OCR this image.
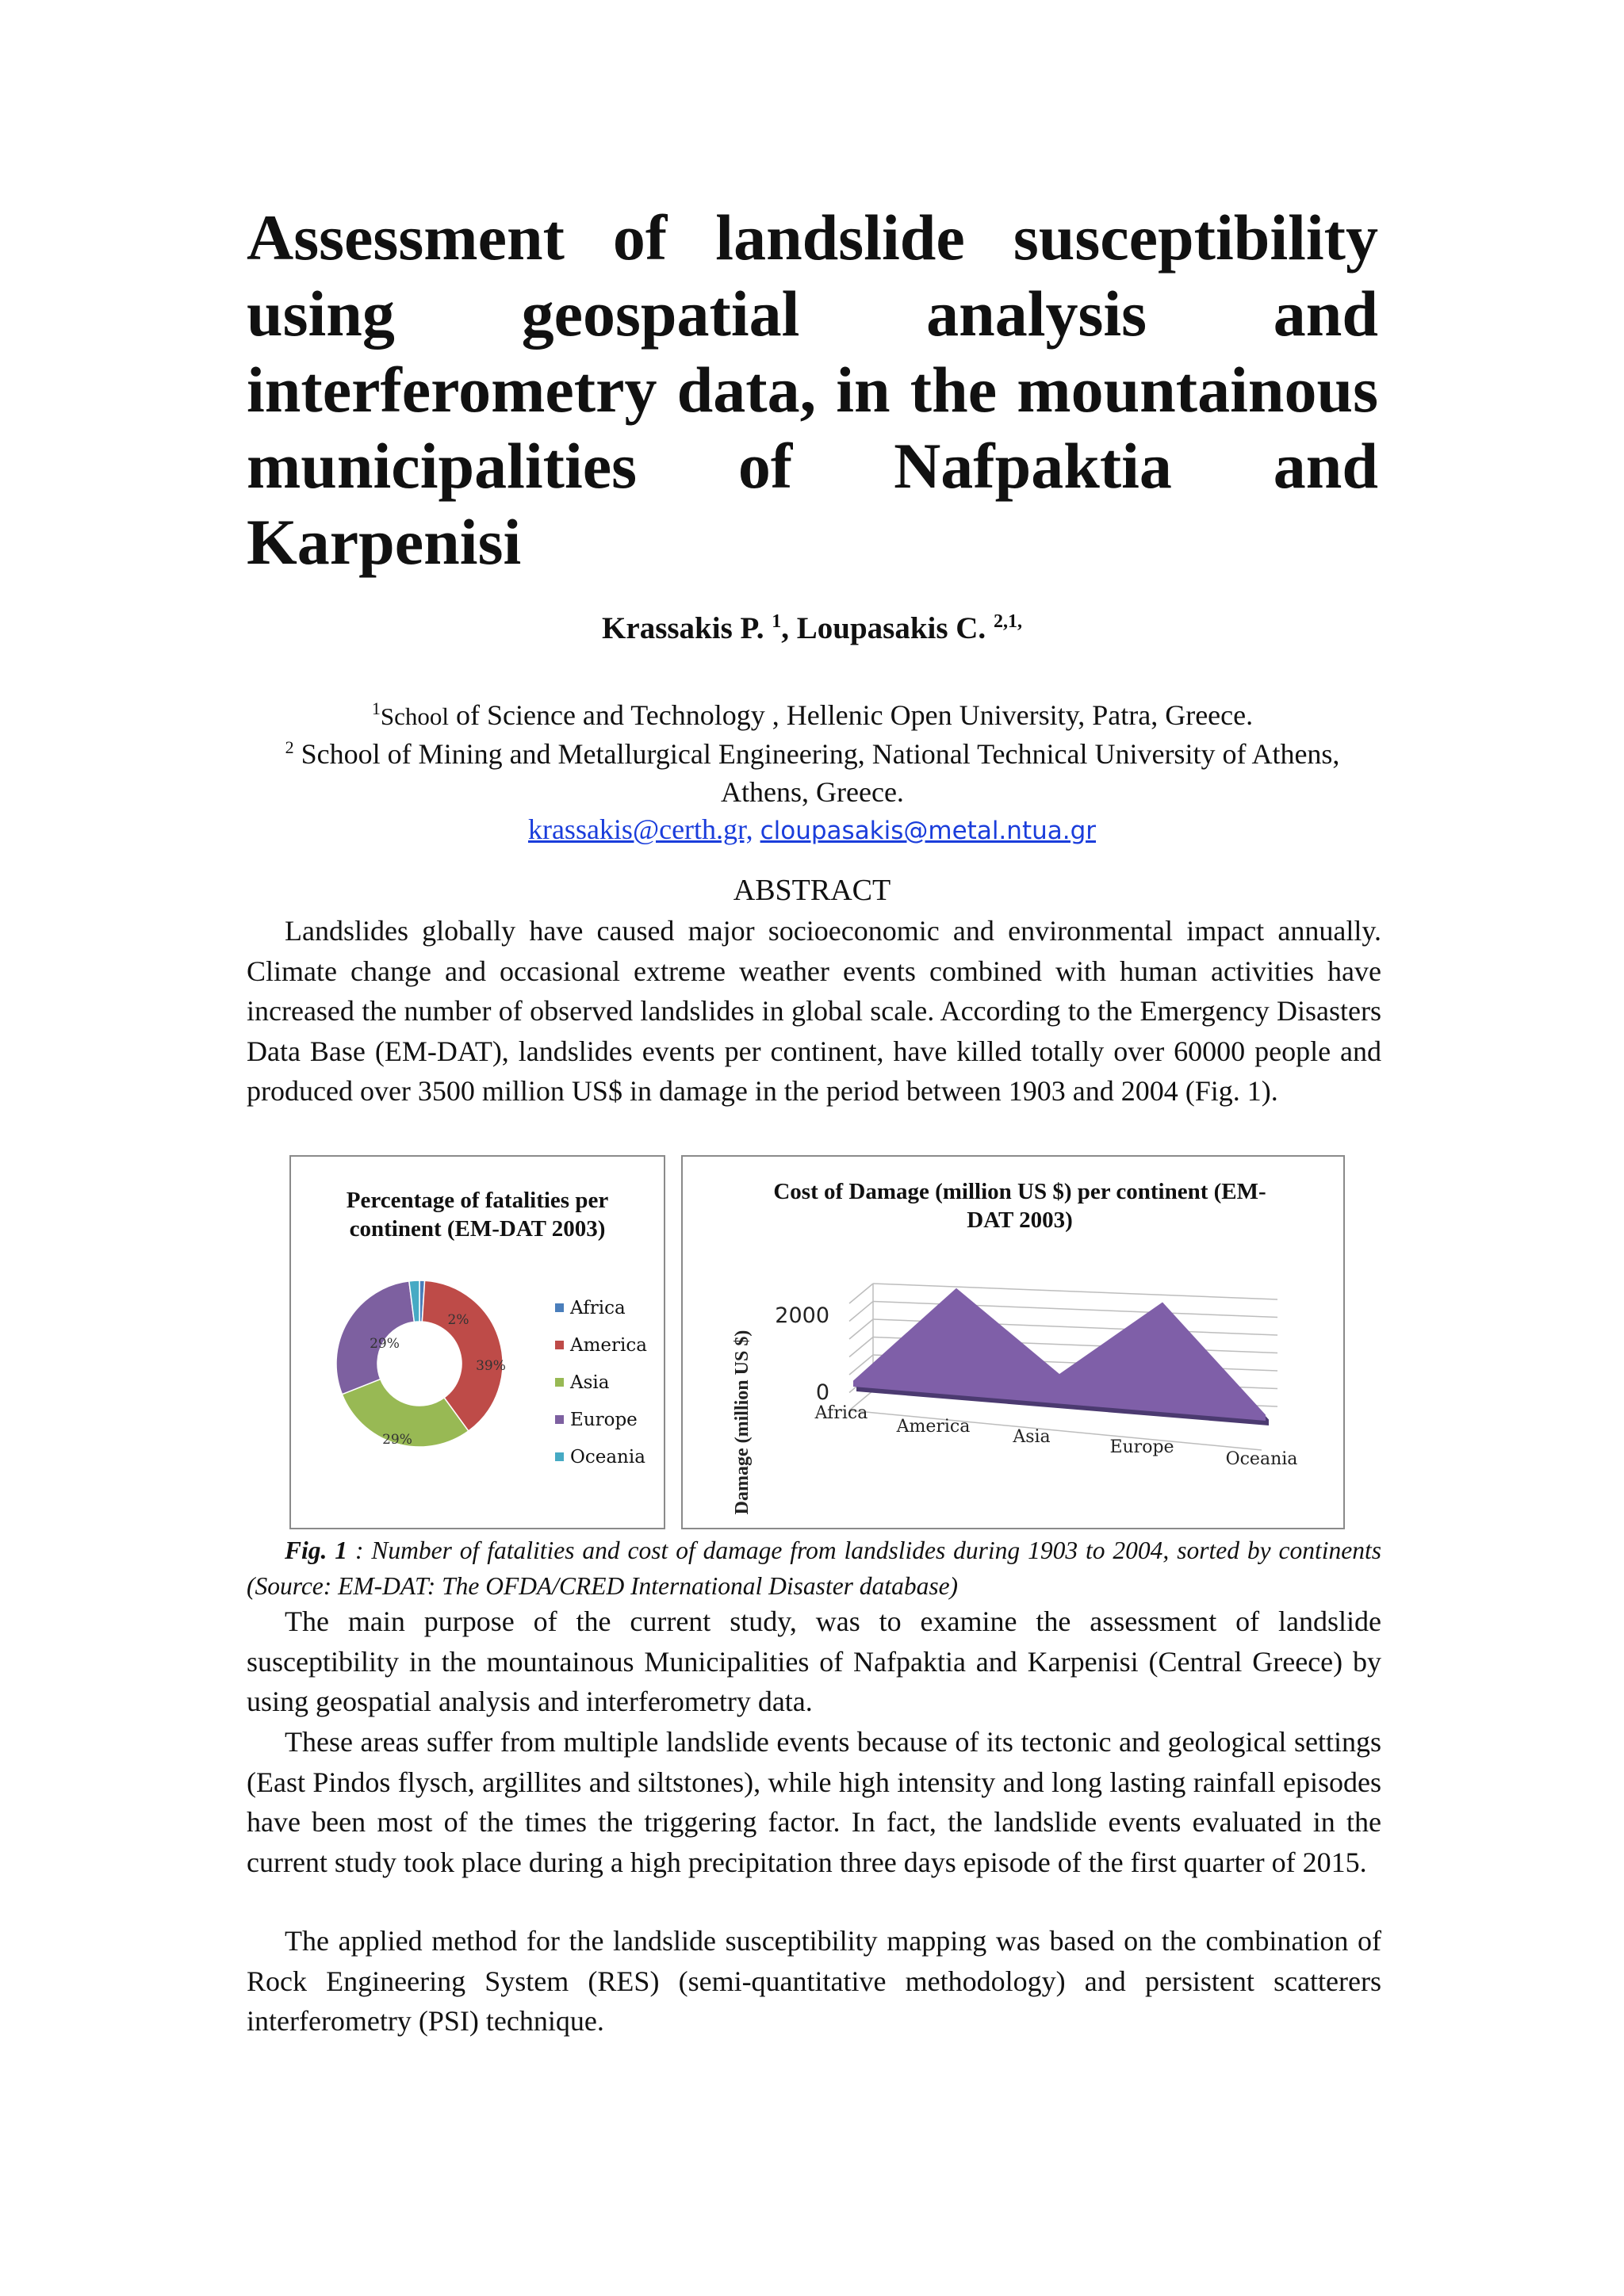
Assessment of landslide susceptibility using geospatial analysis and interferometry data, in the mountainous municipalities of Nafpaktia and Karpenisi
Krassakis P. $^1$, Loupasakis C. $^{2,1,}$
$^1$School of Science and Technology , Hellenic Open University, Patra, Greece.
$^2$ School of Mining and Metallurgical Engineering, National Technical University of Athens, Athens, Greece.
krassakis@certh.gr, cloupasakis@metal.ntua.gr
ABSTRACT

Landslides globally have caused major socioeconomic and environmental impact annually. Climate change and occasional extreme weather events combined with human activities have increased the number of observed landslides in global scale. According to the Emergency Disasters Data Base (EM-DAT), landslides events per continent, have killed totally over 60000 people and produced over 3500 million US$ in damage in the period between 1903 and 2004 (Fig. 1).

Percentage of fatalities per continent (EM-DAT 2003)
39%
29%
29%
2%
Africa
America
Asia
Europe
Oceania
Cost of Damage (million US $) per continent (EM-DAT 2003)
Damage (million US $)	0
2000
Africa
America
Asia
Europe
Oceania

Fig. 1 : Number of fatalities and cost of damage from landslides during 1903 to 2004, sorted by continents (Source: EM-DAT: The OFDA/CRED International Disaster database)

The main purpose of the current study, was to examine the assessment of landslide susceptibility in the mountainous Municipalities of Nafpaktia and Karpenisi (Central Greece) by using geospatial analysis and interferometry data.

These areas suffer from multiple landslide events because of its tectonic and geological settings (East Pindos flysch, argillites and siltstones), while high intensity and long lasting rainfall episodes have been most of the times the triggering factor. In fact, the landslide events evaluated in the current study took place during a high precipitation three days episode of the first quarter of 2015.

The applied method for the landslide susceptibility mapping was based on the combination of Rock Engineering System (RES) (semi-quantitative methodology) and persistent scatterers interferometry (PSI) technique.
